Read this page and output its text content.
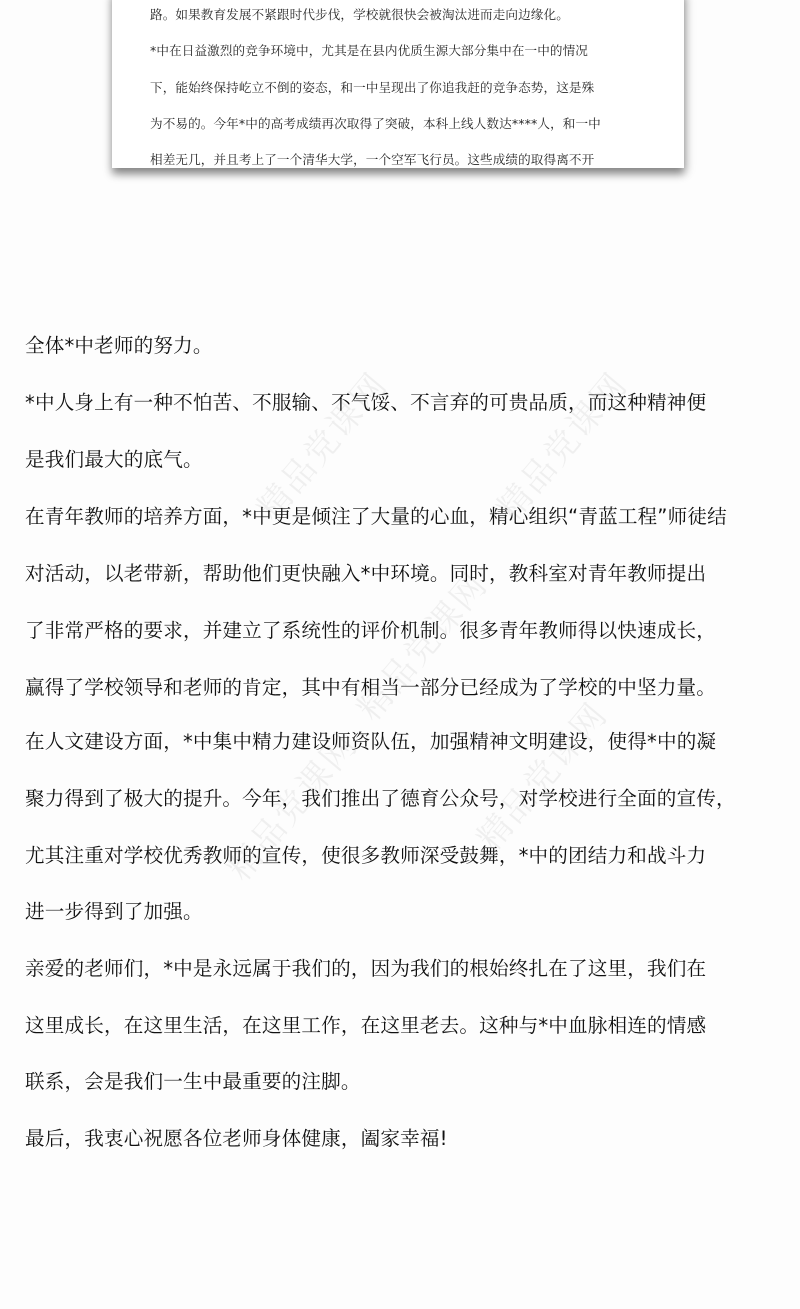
路。如果教育发展不紧跟时代步伐，学校就很快会被淘汰进而走向边缘化。
*中在日益激烈的竞争环境中，尤其是在县内优质生源大部分集中在一中的情况
下，能始终保持屹立不倒的姿态，和一中呈现出了你追我赶的竞争态势，这是殊
为不易的。今年*中的高考成绩再次取得了突破，本科上线人数达****人，和一中
相差无几，并且考上了一个清华大学，一个空军飞行员。这些成绩的取得离不开
精品党课网	精品党课网
精品党课网
精品党课网	精品党课网
全体*中老师的努力。
*中人身上有一种不怕苦、不服输、不气馁、不言弃的可贵品质，而这种精神便
是我们最大的底气。
在青年教师的培养方面，*中更是倾注了大量的心血，精心组织“青蓝工程”师徒结
对活动，以老带新，帮助他们更快融入*中环境。同时，教科室对青年教师提出
了非常严格的要求，并建立了系统性的评价机制。很多青年教师得以快速成长，
赢得了学校领导和老师的肯定，其中有相当一部分已经成为了学校的中坚力量。
在人文建设方面，*中集中精力建设师资队伍，加强精神文明建设，使得*中的凝
聚力得到了极大的提升。今年，我们推出了德育公众号，对学校进行全面的宣传，
尤其注重对学校优秀教师的宣传，使很多教师深受鼓舞，*中的团结力和战斗力
进一步得到了加强。
亲爱的老师们，*中是永远属于我们的，因为我们的根始终扎在了这里，我们在
这里成长，在这里生活，在这里工作，在这里老去。这种与*中血脉相连的情感
联系，会是我们一生中最重要的注脚。
最后，我衷心祝愿各位老师身体健康，阖家幸福!
